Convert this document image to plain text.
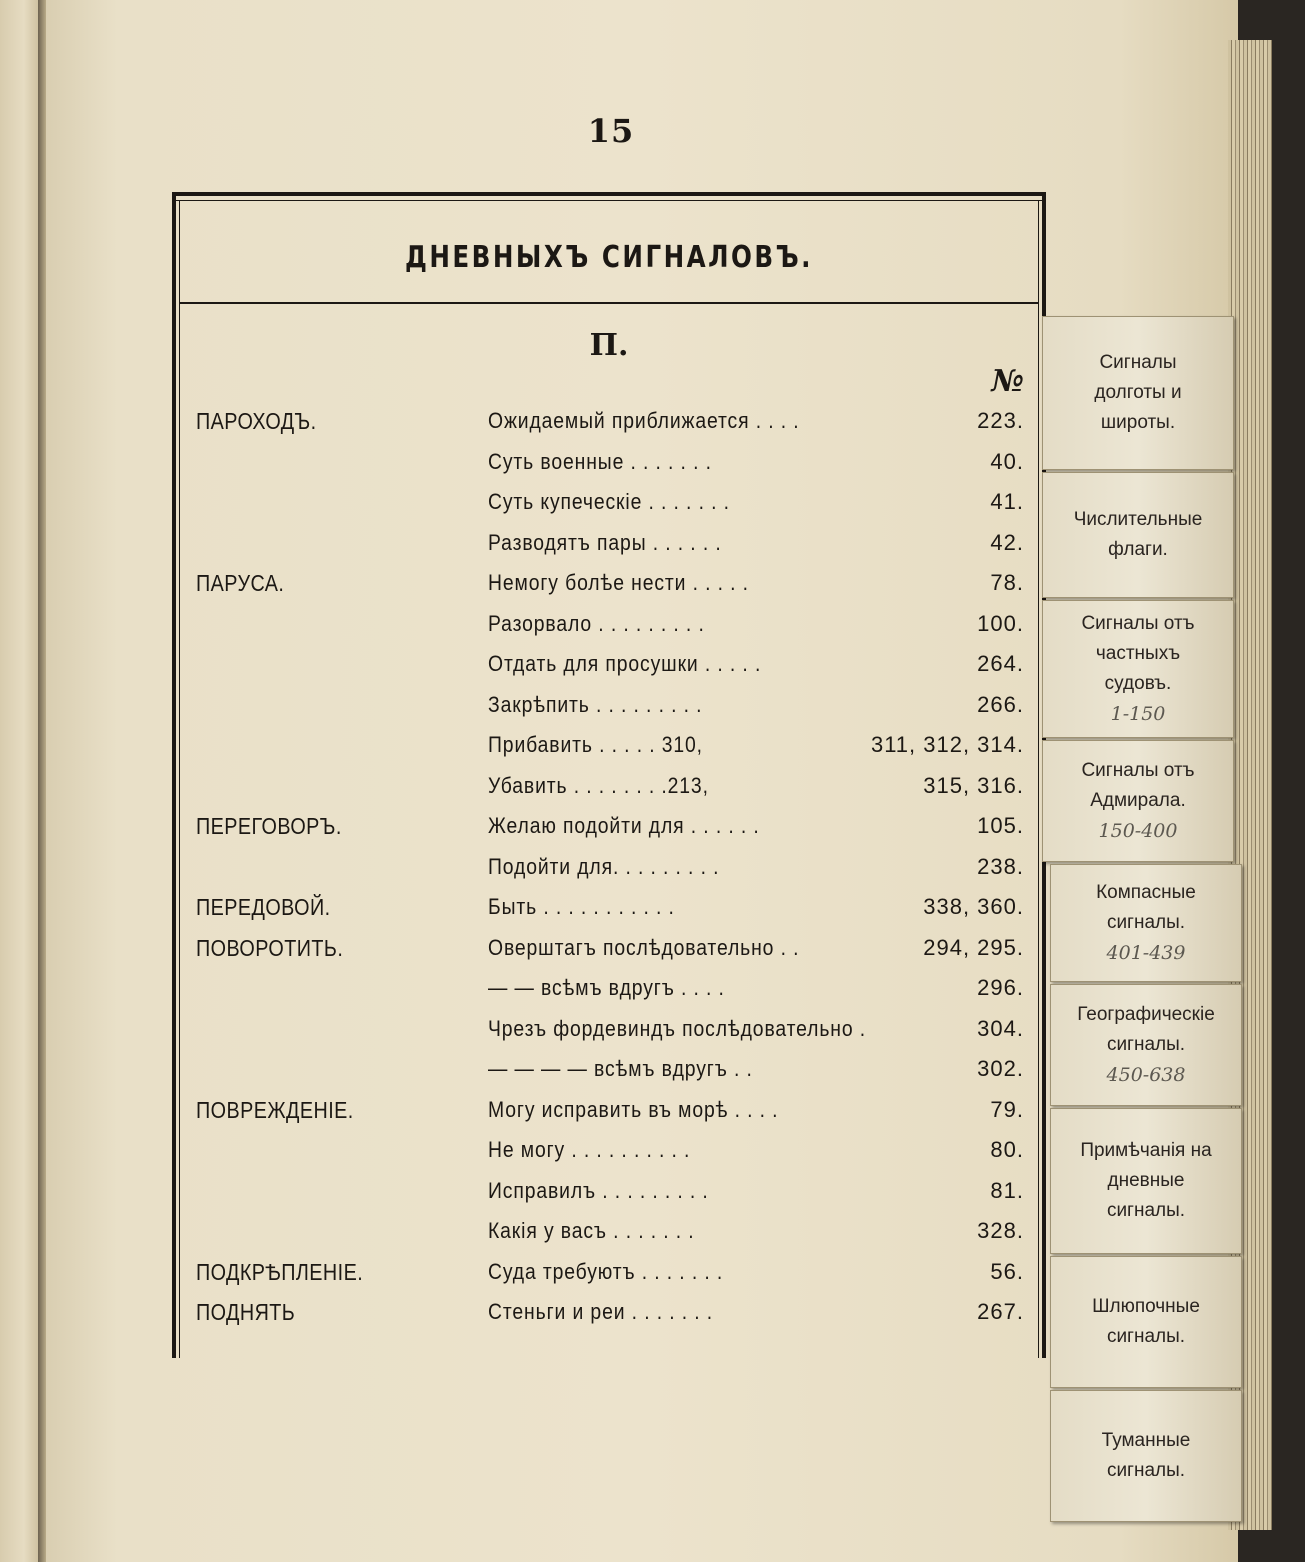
15
ДНЕВНЫХЪ СИГНАЛОВЪ.
П.
№
ПАРОХОДЪ.	Ожидаемый приближается . . . .	223.
Суть военные . . . . . . .	40.
Суть купеческіе . . . . . . .	41.
Разводятъ пары . . . . . .	42.
ПАРУСА.	Немогу болѣе нести . . . . .	78.
Разорвало . . . . . . . . .	100.
Отдать для просушки . . . . .	264.
Закрѣпить . . . . . . . . .	266.
Прибавить . . . . . 310,	311, 312, 314.
Убавить . . . . . . . .213,	315, 316.
ПЕРЕГОВОРЪ.	Желаю подойти для . . . . . .	105.
Подойти для. . . . . . . . .	238.
ПЕРЕДОВОЙ.	Быть . . . . . . . . . . .	338, 360.
ПОВОРОТИТЬ.	Оверштагъ послѣдовательно . .	294, 295.
— — всѣмъ вдругъ . . . .	296.
Чрезъ фордевиндъ послѣдовательно .	304.
— — — — всѣмъ вдругъ . .	302.
ПОВРЕЖДЕНІЕ.	Могу исправить въ морѣ . . . .	79.
Не могу . . . . . . . . . .	80.
Исправилъ . . . . . . . . .	81.
Какія у васъ . . . . . . .	328.
ПОДКРѢПЛЕНІЕ.	Суда требуютъ . . . . . . .	56.
ПОДНЯТЬ	Стеньги и реи . . . . . . .	267.
Сигналы
долготы и
широты.
Числительные
флаги.
Сигналы отъ
частныхъ
судовъ.
1-150
Сигналы отъ
Адмирала.
150-400
Компасные
сигналы.
401-439
Географическіе
сигналы.
450-638
Примѣчанія на
дневные
сигналы.
Шлюпочные
сигналы.
Туманные
сигналы.
